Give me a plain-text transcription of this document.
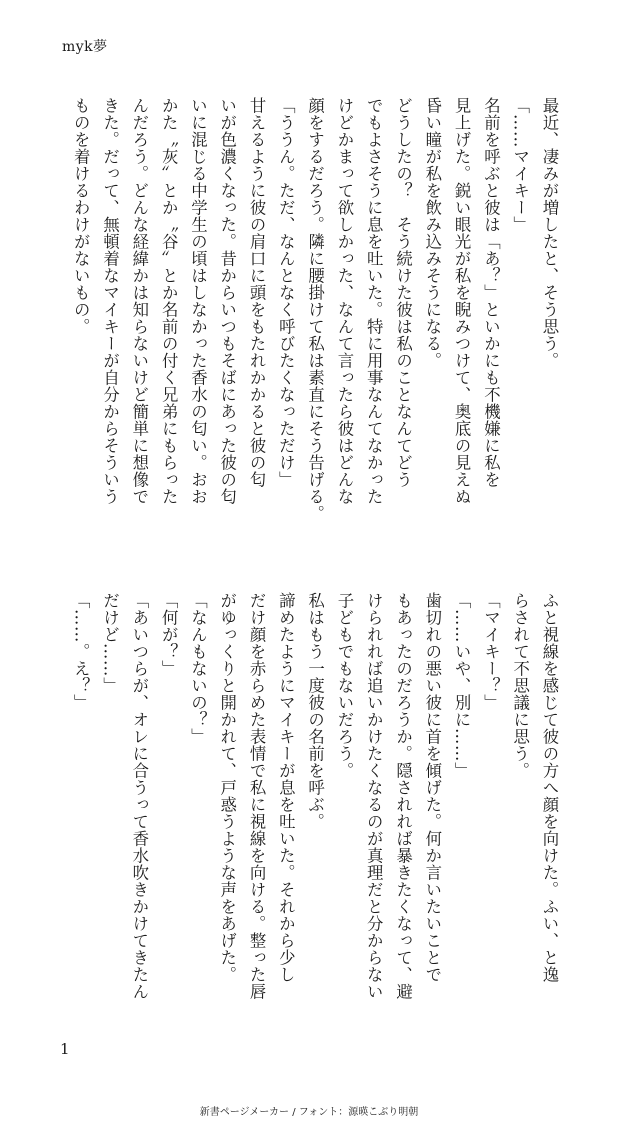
myk夢
最近、凄みが増したと、そう思う。
「……マイキー」
名前を呼ぶと彼は「あ？」といかにも不機嫌に私を
見上げた。鋭い眼光が私を睨みつけて、奥底の見えぬ
昏い瞳が私を飲み込みそうになる。
どうしたの？　そう続けた彼は私のことなんてどう
でもよさそうに息を吐いた。特に用事なんてなかった
けどかまって欲しかった、なんて言ったら彼はどんな
顔をするだろう。隣に腰掛けて私は素直にそう告げる。
「ううん。ただ、なんとなく呼びたくなっただけ」
甘えるように彼の肩口に頭をもたれかかると彼の匂
いが色濃くなった。昔からいつもそばにあった彼の匂
いに混じる中学生の頃はしなかった香水の匂い。おお
かた〝灰〟とか〝谷〟とか名前の付く兄弟にもらった
んだろう。どんな経緯かは知らないけど簡単に想像で
きた。だって、無頓着なマイキーが自分からそういう
ものを着けるわけがないもの。
ふと視線を感じて彼の方へ顔を向けた。ふい、と逸
らされて不思議に思う。
「マイキー？」
「……いや、別に……」
歯切れの悪い彼に首を傾げた。何か言いたいことで
もあったのだろうか。隠されれば暴きたくなって、避
けられれば追いかけたくなるのが真理だと分からない
子どもでもないだろう。
私はもう一度彼の名前を呼ぶ。
諦めたようにマイキーが息を吐いた。それから少し
だけ顔を赤らめた表情で私に視線を向ける。整った唇
がゆっくりと開かれて、戸惑うような声をあげた。
「なんもないの？」
「何が？」
「あいつらが、オレに合うって香水吹きかけてきたん
だけど……」
「……。え？」
1
新書ページメーカー / フォント：源暎こぶり明朝
